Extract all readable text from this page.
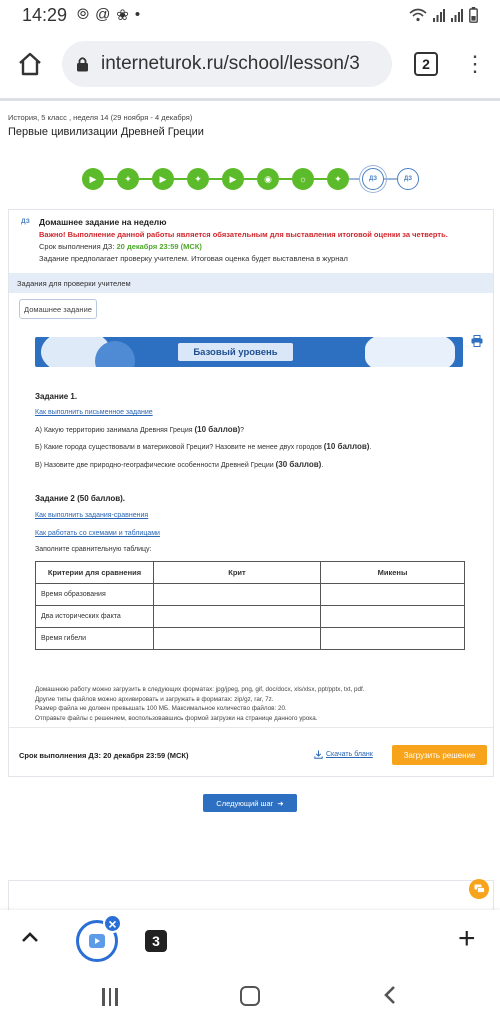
14:29 ⦾ @ ❀ •
interneturok.ru/school/lesson/3	2	⋮
История, 5 класс , неделя 14 (29 ноября - 4 декабря)
Первые цивилизации Древней Греции
▶	✦	▶	✦	▶	◉	☼	✦	ДЗ	ДЗ
ДЗ Домашнее задание на неделю
Важно! Выполнение данной работы является обязательным для выставления итоговой оценки за четверть.
Срок выполнения ДЗ: 20 декабря 23:59 (МСК)
Задание предполагает проверку учителем. Итоговая оценка будет выставлена в журнал
Задания для проверки учителем
Домашнее задание
Базовый уровень
Задание 1.
Как выполнить письменное задание
А) Какую территорию занимала Древняя Греция (10 баллов)?
Б) Какие города существовали в материковой Греции? Назовите не менее двух городов (10 баллов).
В) Назовите две природно-географические особенности Древней Греции (30 баллов).
Задание 2 (50 баллов).
Как выполнить задания-сравнения
Как работать со схемами и таблицами
Заполните сравнительную таблицу:
Критерии для сравнения	Крит	Микены
Время образования		
Два исторических факта		
Время гибели		
Домашнюю работу можно загрузить в следующих форматах: jpg/jpeg, png, gif, doc/docx, xls/xlsx, ppt/pptx, txt, pdf.
Другие типы файлов можно архивировать и загружать в форматах: zip/gz, rar, 7z.
Размер файла не должен превышать 100 МБ. Максимальное количество файлов: 20.
Отправьте файлы с решением, воспользовавшись формой загрузки на странице данного урока.
Срок выполнения ДЗ: 20 декабря 23:59 (МСК)	Скачать бланк	Загрузить решение
Следующий шаг ➜
×
3	+
